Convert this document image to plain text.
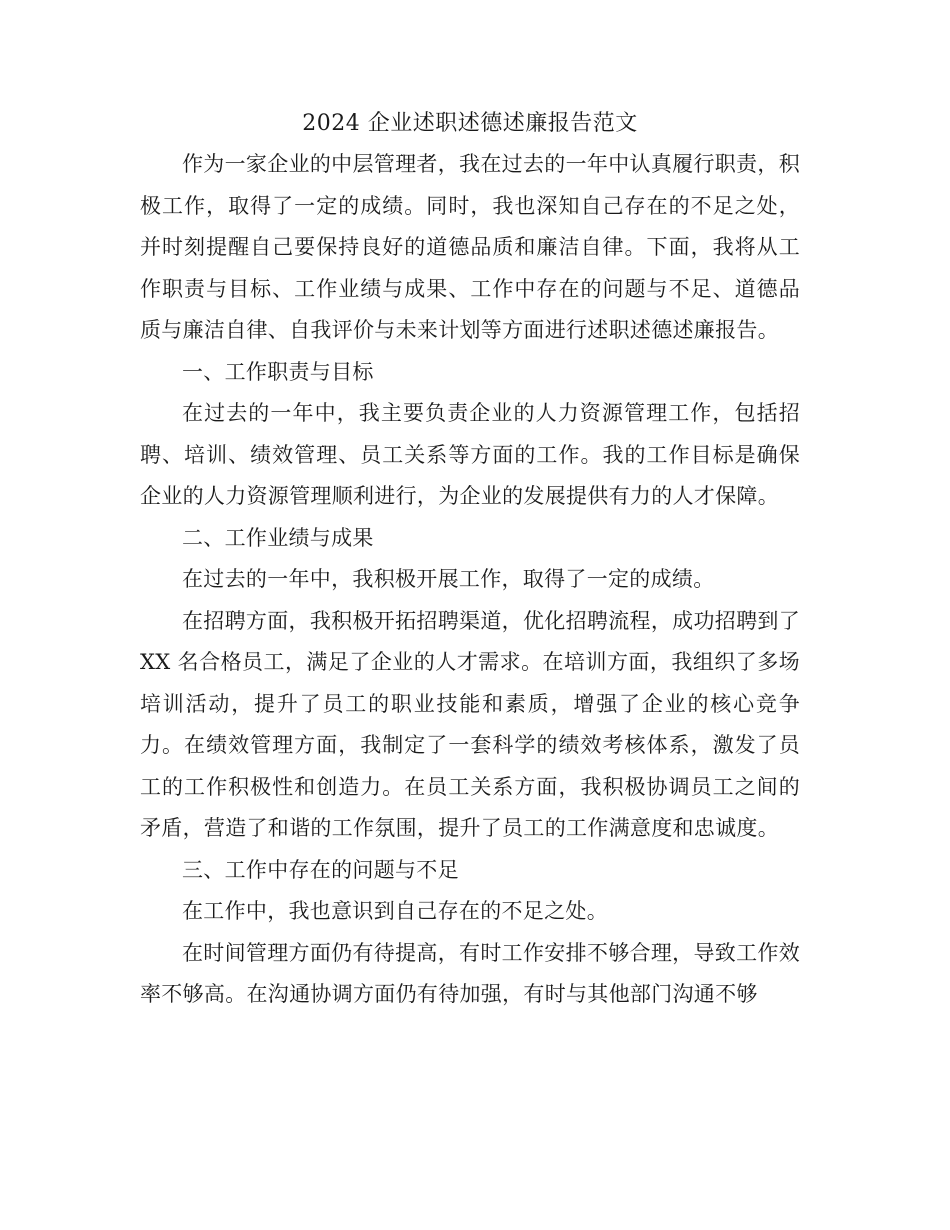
2024 企业述职述德述廉报告范文

作为一家企业的中层管理者，我在过去的一年中认真履行职责，积极工作，取得了一定的成绩。同时，我也深知自己存在的不足之处，并时刻提醒自己要保持良好的道德品质和廉洁自律。下面，我将从工作职责与目标、工作业绩与成果、工作中存在的问题与不足、道德品质与廉洁自律、自我评价与未来计划等方面进行述职述德述廉报告。

一、工作职责与目标

在过去的一年中，我主要负责企业的人力资源管理工作，包括招聘、培训、绩效管理、员工关系等方面的工作。我的工作目标是确保企业的人力资源管理顺利进行，为企业的发展提供有力的人才保障。

二、工作业绩与成果

在过去的一年中，我积极开展工作，取得了一定的成绩。

在招聘方面，我积极开拓招聘渠道，优化招聘流程，成功招聘到了 XX 名合格员工，满足了企业的人才需求。在培训方面，我组织了多场培训活动，提升了员工的职业技能和素质，增强了企业的核心竞争力。在绩效管理方面，我制定了一套科学的绩效考核体系，激发了员工的工作积极性和创造力。在员工关系方面，我积极协调员工之间的矛盾，营造了和谐的工作氛围，提升了员工的工作满意度和忠诚度。

三、工作中存在的问题与不足

在工作中，我也意识到自己存在的不足之处。

在时间管理方面仍有待提高，有时工作安排不够合理，导致工作效率不够高。在沟通协调方面仍有待加强，有时与其他部门沟通不够
